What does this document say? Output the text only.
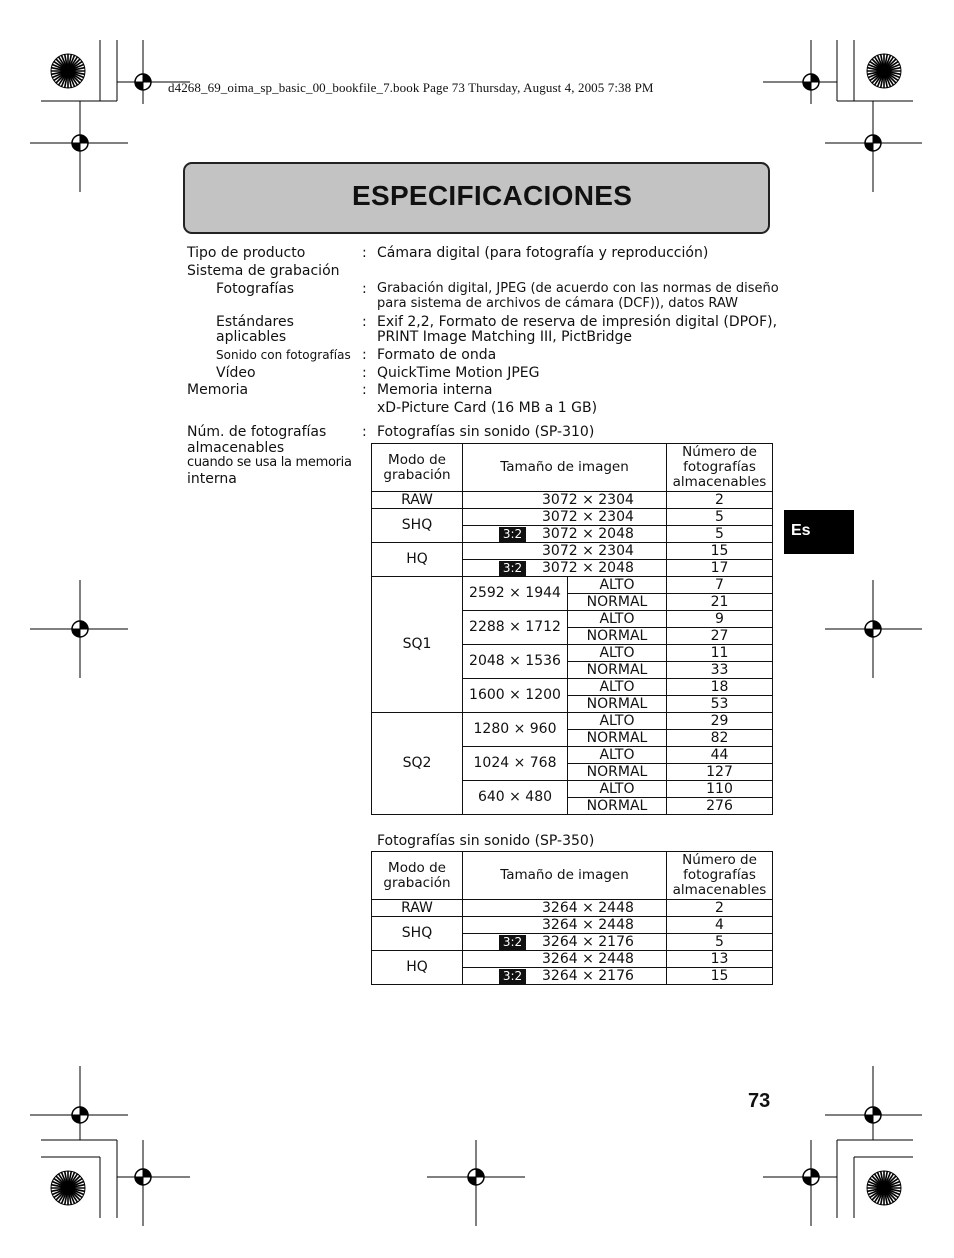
d4268_69_oima_sp_basic_00_bookfile_7.book Page 73 Thursday, August 4, 2005 7:38 PM
ESPECIFICACIONES
Tipo de producto	: Cámara digital (para fotografía y reproducción)
Sistema de grabación
Fotografías	: Grabación digital, JPEG (de acuerdo con las normas de diseño
para sistema de archivos de cámara (DCF)), datos RAW
Estándares
aplicables
: Exif 2,2, Formato de reserva de impresión digital (DPOF),
PRINT Image Matching III, PictBridge
Sonido con fotografías : Formato de onda
Vídeo	: QuickTime Motion JPEG
Memoria	: Memoria interna
xD-Picture Card (16 MB a 1 GB)
Núm. de fotografías
almacenables
cuando se usa la memoria
interna
: Fotografías sin sonido (SP-310)
Modo de
grabación	Tamaño de imagen		Número de
fotografías
almacenables
RAW	3072 × 2304		2
SHQ	3072 × 2304		5

	3:2 3072 × 2048		5
HQ	3072 × 2304		15

	3:2 3072 × 2048		17
SQ1	2592 × 1944	ALTO	7
		NORMAL	21
	2288 × 1712	ALTO	9
		NORMAL	27
	2048 × 1536	ALTO	11
		NORMAL	33
	1600 × 1200	ALTO	18
		NORMAL	53
SQ2	1280 × 960	ALTO	29
		NORMAL	82
	1024 × 768	ALTO	44
		NORMAL	127
	640 × 480	ALTO	110
		NORMAL	276
Fotografías sin sonido (SP-350)
Modo de
grabación	Tamaño de imagen	Número de
fotografías
almacenables
RAW	3264 × 2448	2
SHQ	3264 × 2448	4

	3:2 3264 × 2176	5
HQ	3264 × 2448	13

	3:2 3264 × 2176	15
Es
73
